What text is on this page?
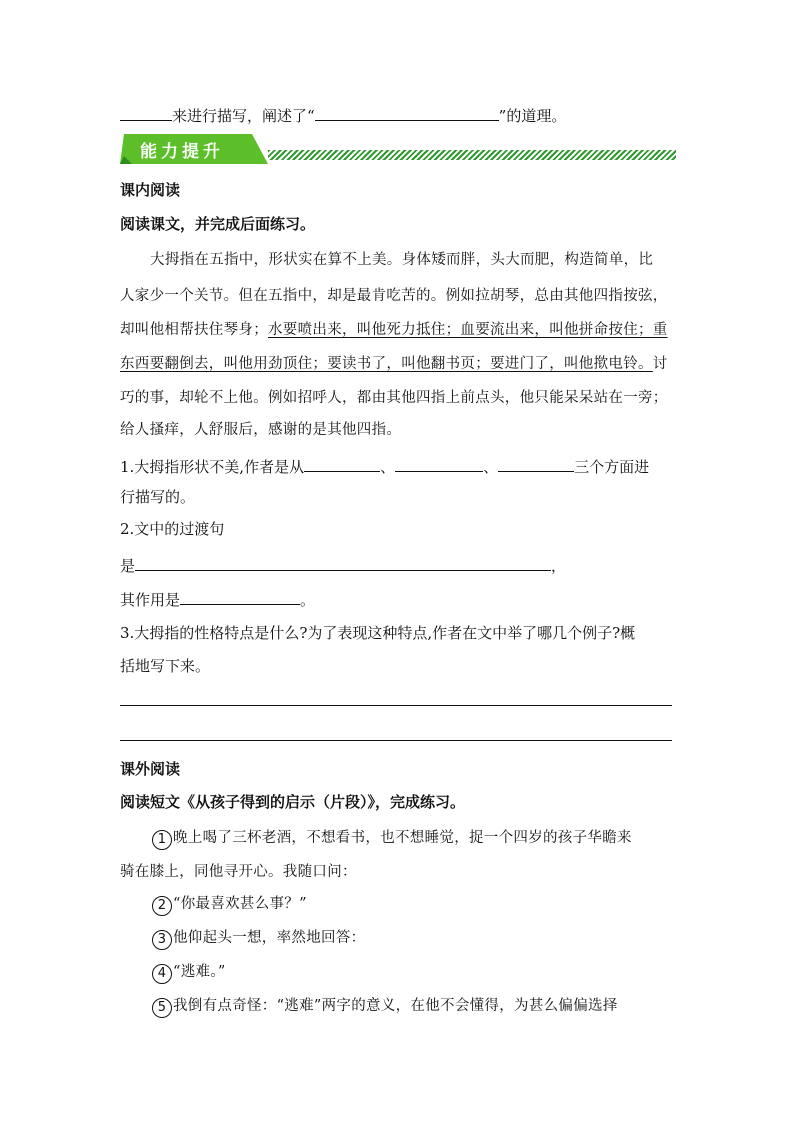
来进行描写，阐述了“	”的道理。
能力提升
课内阅读
阅读课文，并完成后面练习。
大拇指在五指中，形状实在算不上美。身体矮而胖，头大而肥，构造简单，比
人家少一个关节。但在五指中，却是最肯吃苦的。例如拉胡琴，总由其他四指按弦，
却叫他相帮扶住琴身；水要喷出来，叫他死力抵住；血要流出来，叫他拼命按住；重
东西要翻倒去，叫他用劲顶住；要读书了，叫他翻书页；要进门了，叫他揿电铃。讨
巧的事，却轮不上他。例如招呼人，都由其他四指上前点头，他只能呆呆站在一旁；
给人搔痒，人舒服后，感谢的是其他四指。
1.大拇指形状不美,作者是从	、	、	三个方面进
行描写的。
2.文中的过渡句
是	，
其作用是	。
3.大拇指的性格特点是什么?为了表现这种特点,作者在文中举了哪几个例子?概
括地写下来。
课外阅读
阅读短文《从孩子得到的启示（片段）》，完成练习。
1 晚上喝了三杯老酒，不想看书，也不想睡觉，捉一个四岁的孩子华瞻来
骑在膝上，同他寻开心。我随口问：
2 “你最喜欢甚么事？”
3 他仰起头一想，率然地回答：
4 “逃难。”
5 我倒有点奇怪：“逃难”两字的意义，在他不会懂得，为甚么偏偏选择
